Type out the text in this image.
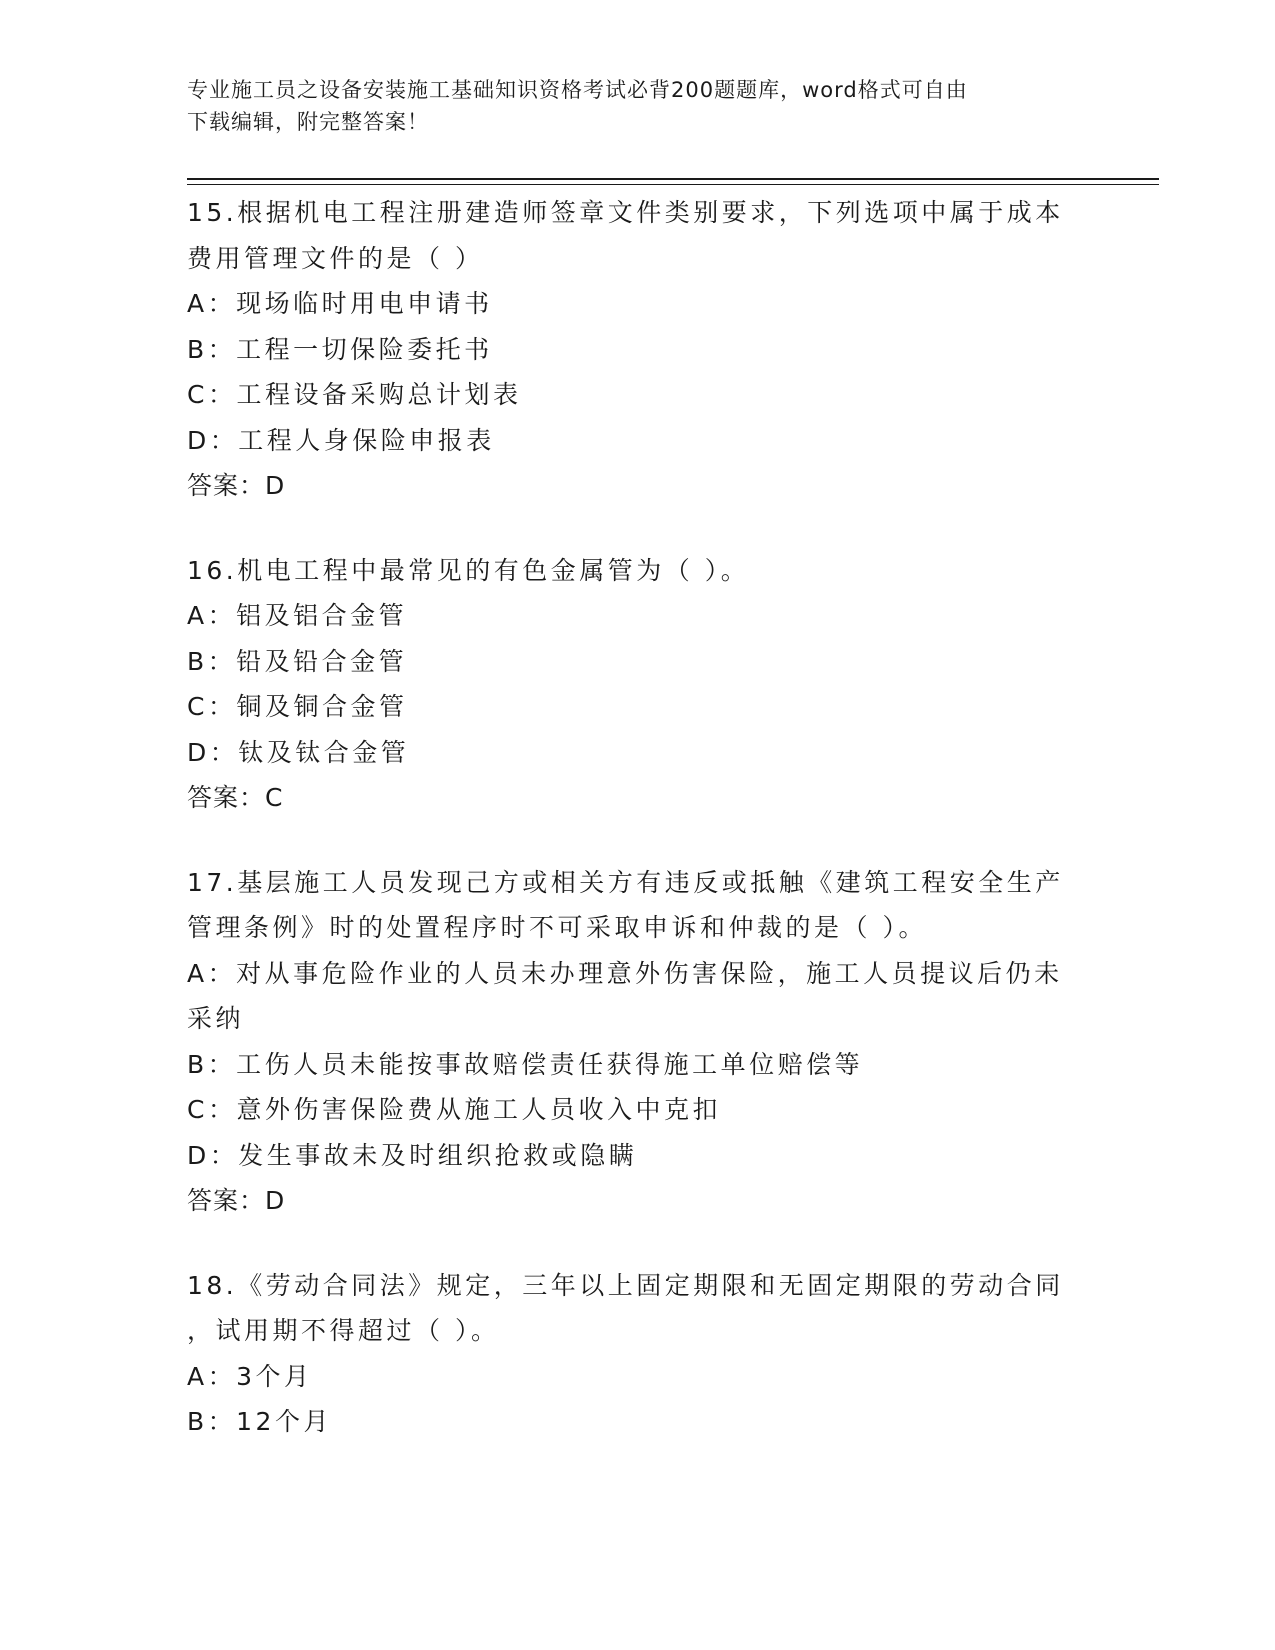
专业施工员之设备安装施工基础知识资格考试必背200题题库，word格式可自由
下载编辑，附完整答案！
15.根据机电工程注册建造师签章文件类别要求，下列选项中属于成本
费用管理文件的是（ ）
A：现场临时用电申请书
B：工程一切保险委托书
C：工程设备采购总计划表
D：工程人身保险申报表
答案：D
16.机电工程中最常见的有色金属管为（ ）。
A：铝及铝合金管
B：铅及铅合金管
C：铜及铜合金管
D：钛及钛合金管
答案：C
17.基层施工人员发现己方或相关方有违反或抵触《建筑工程安全生产
管理条例》时的处置程序时不可采取申诉和仲裁的是（ ）。
A：对从事危险作业的人员未办理意外伤害保险，施工人员提议后仍未
采纳
B：工伤人员未能按事故赔偿责任获得施工单位赔偿等
C：意外伤害保险费从施工人员收入中克扣
D：发生事故未及时组织抢救或隐瞒
答案：D
18.《劳动合同法》规定，三年以上固定期限和无固定期限的劳动合同
，试用期不得超过（ ）。
A：3个月
B：12个月
